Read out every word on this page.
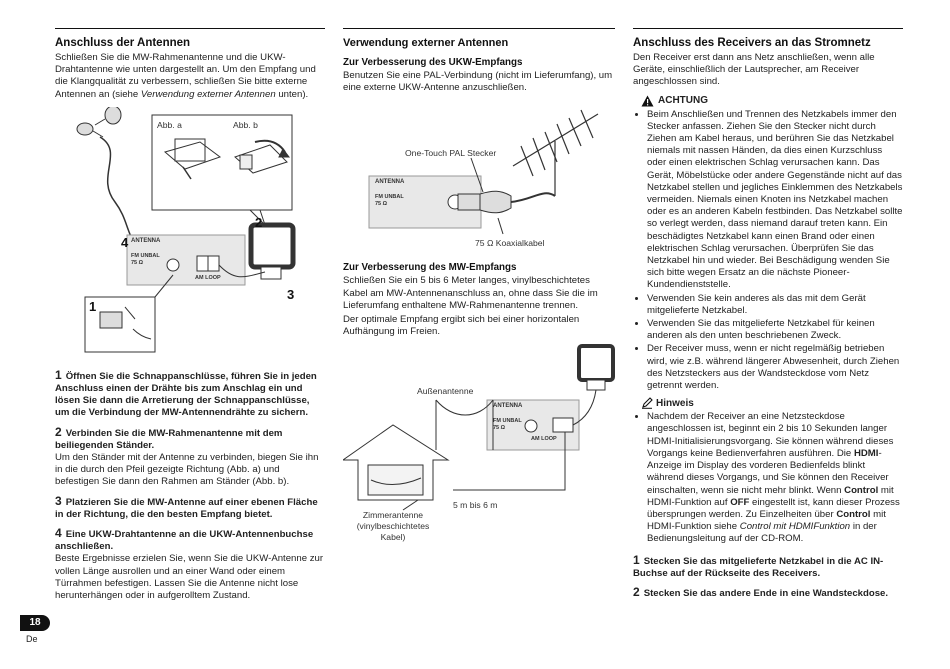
Anschluss der Antennen

Schließen Sie die MW-Rahmenantenne und die UKW-Drahtantenne wie unten dargestellt an. Um den Empfang und die Klangqualität zu verbessern, schließen Sie bitte externe Antennen an (siehe Verwendung externer Antennen unten).

Abb. a	Abb. b
ANTENNA
FM UNBAL
75 Ω
AM LOOP
1
2
3
4
1 Öffnen Sie die Schnappanschlüsse, führen Sie in jeden Anschluss einen der Drähte bis zum Anschlag ein und lösen Sie dann die Arretierung der Schnappanschlüsse, um die Verbindung der MW-Antennendrähte zu sichern.
2 Verbinden Sie die MW-Rahmenantenne mit dem beiliegenden Ständer.
Um den Ständer mit der Antenne zu verbinden, biegen Sie ihn in die durch den Pfeil gezeigte Richtung (Abb. a) und befestigen Sie dann den Rahmen am Ständer (Abb. b).
3 Platzieren Sie die MW-Antenne auf einer ebenen Fläche in der Richtung, die den besten Empfang bietet.
4 Eine UKW-Drahtantenne an die UKW-Antennenbuchse anschließen.
Beste Ergebnisse erzielen Sie, wenn Sie die UKW-Antenne zur vollen Länge ausrollen und an einer Wand oder einem Türrahmen befestigen. Lassen Sie die Antenne nicht lose herunterhängen oder in aufgerolltem Zustand.
Verwendung externer Antennen
Zur Verbesserung des UKW-Empfangs

Benutzen Sie eine PAL-Verbindung (nicht im Lieferumfang), um eine externe UKW-Antenne anzuschließen.

One-Touch PAL Stecker
75 Ω Koaxialkabel
ANTENNA
FM UNBAL
75 Ω
Zur Verbesserung des MW-Empfangs

Schließen Sie ein 5 bis 6 Meter langes, vinylbeschichtetes Kabel am MW-Antennenanschluss an, ohne dass Sie die im Lieferumfang enthaltene MW-Rahmenantenne trennen.

Der optimale Empfang ergibt sich bei einer horizontalen Aufhängung im Freien.

Außenantenne
Zimmerantenne (vinylbeschichtetes Kabel)
5 m bis 6 m
ANTENNA
FM UNBAL
75 Ω
AM LOOP
Anschluss des Receivers an das Stromnetz

Den Receiver erst dann ans Netz anschließen, wenn alle Geräte, einschließlich der Lautsprecher, am Receiver angeschlossen sind.

ACHTUNG
• Beim Anschließen und Trennen des Netzkabels immer den Stecker anfassen. Ziehen Sie den Stecker nicht durch Ziehen am Kabel heraus, und berühren Sie das Netzkabel niemals mit nassen Händen, da dies einen Kurzschluss oder einen elektrischen Schlag verursachen kann. Das Gerät, Möbelstücke oder andere Gegenstände nicht auf das Netzkabel stellen und jegliches Einklemmen des Netzkabels vermeiden. Niemals einen Knoten ins Netzkabel machen oder es an anderen Kabeln festbinden. Das Netzkabel sollte so verlegt werden, dass niemand darauf treten kann. Ein beschädigtes Netzkabel kann einen Brand oder einen elektrischen Schlag verursachen. Überprüfen Sie das Netzkabel hin und wieder. Bei Beschädigung wenden Sie sich bitte wegen Ersatz an die nächste Pioneer-Kundendienststelle.
• Verwenden Sie kein anderes als das mit dem Gerät mitgelieferte Netzkabel.
• Verwenden Sie das mitgelieferte Netzkabel für keinen anderen als den unten beschriebenen Zweck.
• Der Receiver muss, wenn er nicht regelmäßig betrieben wird, wie z.B. während längerer Abwesenheit, durch Ziehen des Netzsteckers aus der Wandsteckdose vom Netz getrennt werden.
Hinweis
• Nachdem der Receiver an eine Netzsteckdose angeschlossen ist, beginnt ein 2 bis 10 Sekunden langer HDMI-Initialisierungsvorgang. Sie können während dieses Vorgangs keine Bedienverfahren ausführen. Die HDMI-Anzeige im Display des vorderen Bedienfelds blinkt während dieses Vorgangs, und Sie können den Receiver einschalten, wenn sie nicht mehr blinkt. Wenn Control mit HDMI-Funktion auf OFF eingestellt ist, kann dieser Prozess übersprungen werden. Zu Einzelheiten über Control mit HDMI-Funktion siehe Control mit HDMIFunktion in der Bedienungsleitung auf der CD-ROM.
1 Stecken Sie das mitgelieferte Netzkabel in die AC IN-Buchse auf der Rückseite des Receivers.
2 Stecken Sie das andere Ende in eine Wandsteckdose.
18
De
